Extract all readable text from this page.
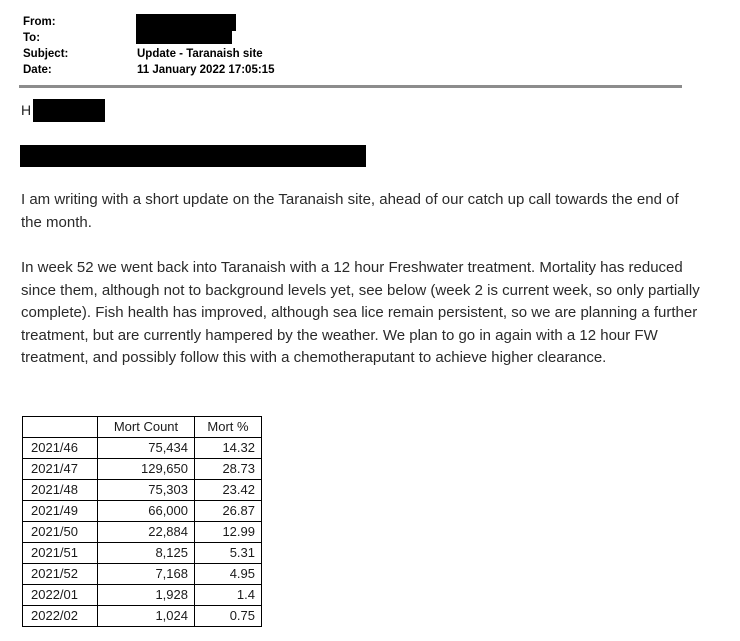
From:
To:
Subject:	Update - Taranaish site
Date:	11 January 2022 17:05:15
H

I am writing with a short update on the Taranaish site, ahead of our catch up call towards the end of the month.

In week 52 we went back into Taranaish with a 12 hour Freshwater treatment. Mortality has reduced since them, although not to background levels yet, see below (week 2 is current week, so only partially complete). Fish health has improved, although sea lice remain persistent, so we are planning a further treatment, but are currently hampered by the weather. We plan to go in again with a 12 hour FW treatment, and possibly follow this with a chemotheraputant to achieve higher clearance.

	Mort Count	Mort %
2021/46	75,434	14.32
2021/47	129,650	28.73
2021/48	75,303	23.42
2021/49	66,000	26.87
2021/50	22,884	12.99
2021/51	8,125	5.31
2021/52	7,168	4.95
2022/01	1,928	1.4
2022/02	1,024	0.75
